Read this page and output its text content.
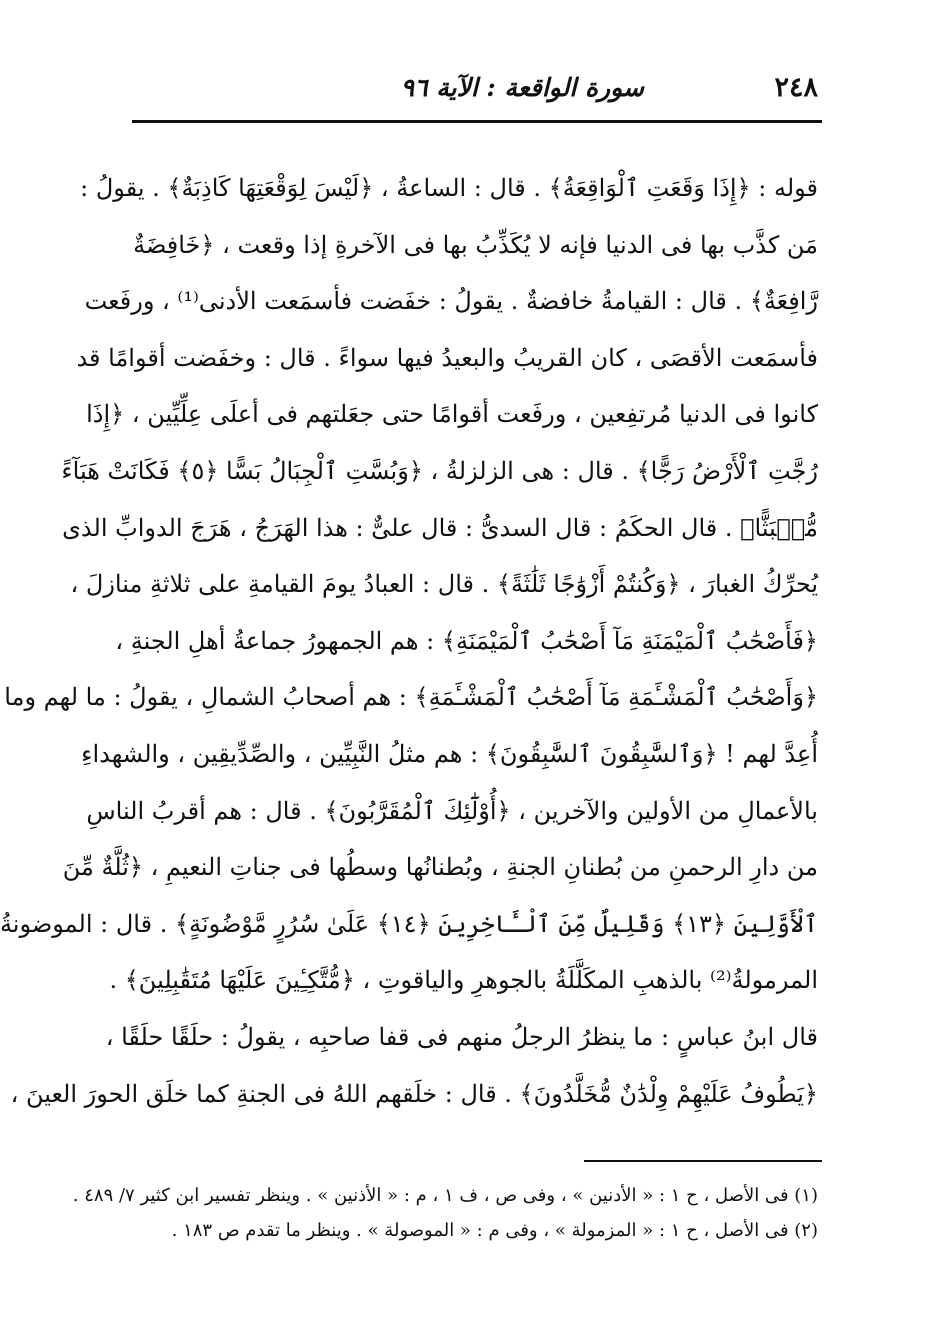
٢٤٨
سورة الواقعة : الآية ٩٦
قوله : ﴿إِذَا وَقَعَتِ ٱلْوَاقِعَةُ﴾ . قال : الساعةُ ، ﴿لَيْسَ لِوَقْعَتِهَا كَاذِبَةٌ﴾ . يقولُ :
مَن كذَّب بها فى الدنيا فإنه لا يُكَذِّبُ بها فى الآخرةِ إذا وقعت ، ﴿خَافِضَةٌ
رَّافِعَةٌ﴾ . قال : القيامةُ خافضةٌ . يقولُ : خفَضت فأسمَعت الأدنى⁽¹⁾ ، ورفَعت
فأسمَعت الأقصَى ، كان القريبُ والبعيدُ فيها سواءً . قال : وخفَضت أقوامًا قد
كانوا فى الدنيا مُرتفِعين ، ورفَعت أقوامًا حتى جعَلتهم فى أعلَى عِلِّيِّين ، ﴿إِذَا
رُجَّتِ ٱلْأَرْضُ رَجًّا﴾ . قال : هى الزلزلةُ ، ﴿وَبُسَّتِ ٱلْجِبَالُ بَسًّا ﴿٥﴾ فَكَانَتْ هَبَآءً
مُّنۢبَثًّا﴾ . قال الحكَمُ : قال السدىُّ : قال علىٌّ : هذا الهَرَجُ ، هَرَجَ الدوابِّ الذى
يُحرِّكُ الغبارَ ، ﴿وَكُنتُمْ أَزْوَٰجًا ثَلَٰثَةً﴾ . قال : العبادُ يومَ القيامةِ على ثلاثةِ منازلَ ،
﴿فَأَصْحَٰبُ ٱلْمَيْمَنَةِ مَآ أَصْحَٰبُ ٱلْمَيْمَنَةِ﴾ : هم الجمهورُ جماعةُ أهلِ الجنةِ ،
﴿وَأَصْحَٰبُ ٱلْمَشْـَٔمَةِ مَآ أَصْحَٰبُ ٱلْمَشْـَٔمَةِ﴾ : هم أصحابُ الشمالِ ، يقولُ : ما لهم وما
أُعِدَّ لهم ! ﴿وَٱلسَّٰبِقُونَ ٱلسَّٰبِقُونَ﴾ : هم مثلُ النَّبِيِّين ، والصِّدِّيقِين ، والشهداءِ
بالأعمالِ من الأولين والآخرين ، ﴿أُوْلَٰٓئِكَ ٱلْمُقَرَّبُونَ﴾ . قال : هم أقربُ الناسِ
من دارِ الرحمنِ من بُطنانِ الجنةِ ، وبُطنانُها وسطُها فى جناتِ النعيمِ ، ﴿ثُلَّةٌ مِّنَ
ٱلْأَوَّلِينَ ﴿١٣﴾ وَقَلِيلٌ مِّنَ ٱلْـَٔاخِرِينَ ﴿١٤﴾ عَلَىٰ سُرُرٍ مَّوْضُونَةٍ﴾ . قال : الموضونةُ
المرمولةُ⁽²⁾ بالذهبِ المكَلَّلَةُ بالجوهرِ والياقوتِ ، ﴿مُّتَّكِـِٔينَ عَلَيْهَا مُتَقَٰبِلِينَ﴾ .
قال ابنُ عباسٍ : ما ينظرُ الرجلُ منهم فى قفا صاحبِه ، يقولُ : حلَقًا حلَقًا ،
﴿يَطُوفُ عَلَيْهِمْ وِلْدَٰنٌ مُّخَلَّدُونَ﴾ . قال : خلَقهم اللهُ فى الجنةِ كما خلَق الحورَ العينَ ،
(١) فى الأصل ، ح ١ : « الأدنين » ، وفى ص ، ف ١ ، م : « الأذنين » . وينظر تفسير ابن كثير ٧/ ٤٨٩ .
(٢) فى الأصل ، ح ١ : « المزمولة » ، وفى م : « الموصولة » . وينظر ما تقدم ص ١٨٣ .
